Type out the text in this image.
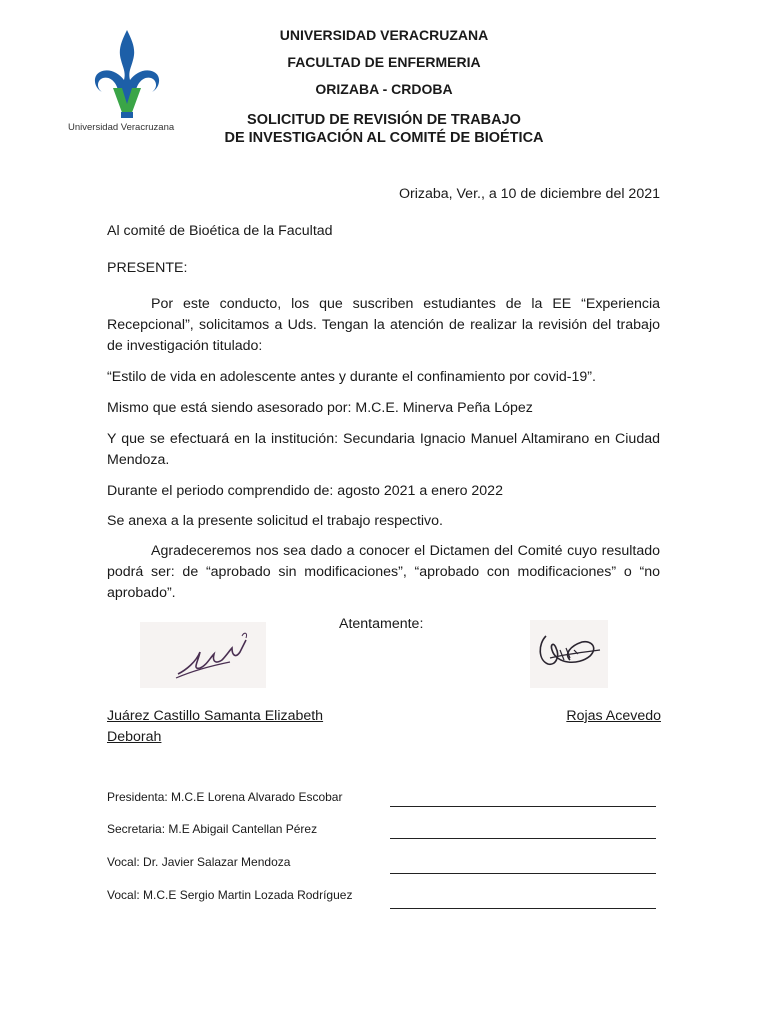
Universidad Veracruzana
UNIVERSIDAD VERACRUZANA
FACULTAD DE ENFERMERIA
ORIZABA - CRDOBA
SOLICITUD DE REVISIÓN DE TRABAJO
DE INVESTIGACIÓN AL COMITÉ DE BIOÉTICA
Orizaba, Ver., a 10 de diciembre del 2021
Al comité de Bioética de la Facultad
PRESENTE:
Por este conducto, los que suscriben estudiantes de la EE “Experiencia Recepcional”, solicitamos a Uds. Tengan la atención de realizar la revisión del trabajo de investigación titulado:
“Estilo de vida en adolescente antes y durante el confinamiento por covid-19”.
Mismo que está siendo asesorado por: M.C.E. Minerva Peña López
Y que se efectuará en la institución: Secundaria Ignacio Manuel Altamirano en Ciudad Mendoza.
Durante el periodo comprendido de: agosto 2021 a enero 2022
Se anexa a la presente solicitud el trabajo respectivo.
Agradeceremos nos sea dado a conocer el Dictamen del Comité cuyo resultado podrá ser: de “aprobado sin modificaciones”, “aprobado con modificaciones” o “no aprobado”.
Atentamente:
Juárez Castillo Samanta Elizabeth
Deborah
Rojas Acevedo
Presidenta: M.C.E Lorena Alvarado Escobar
Secretaria: M.E Abigail Cantellan Pérez
Vocal: Dr. Javier Salazar Mendoza
Vocal: M.C.E Sergio Martin Lozada Rodríguez
